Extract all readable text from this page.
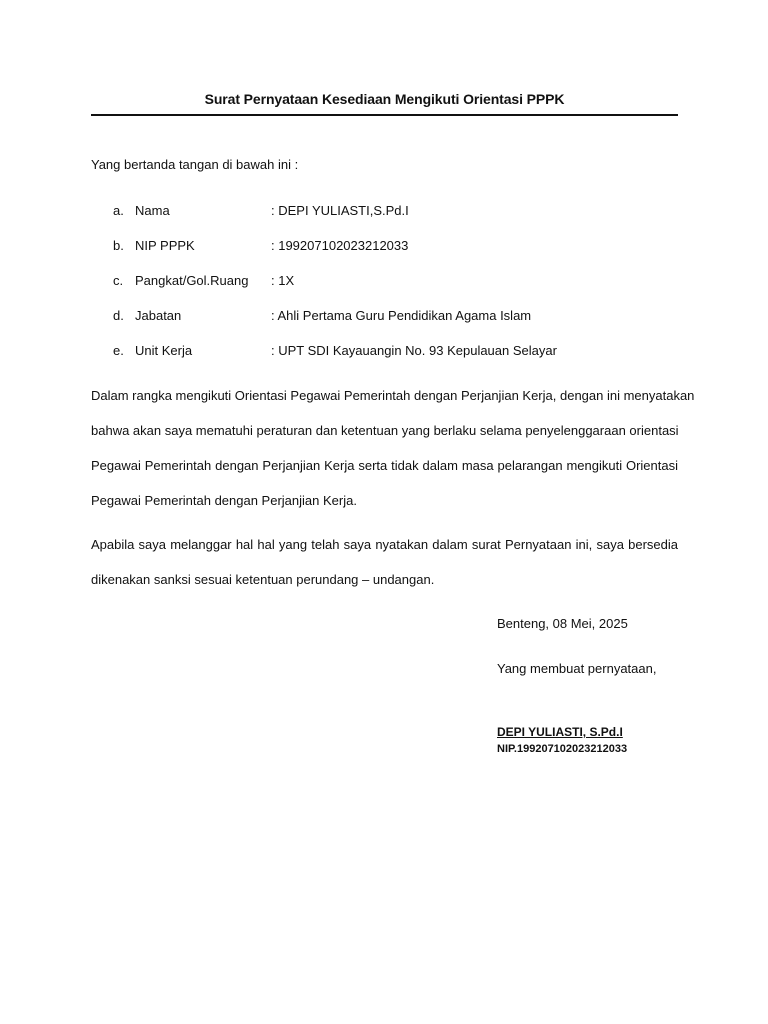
Surat Pernyataan Kesediaan Mengikuti Orientasi PPPK
Yang bertanda tangan di bawah ini :
a. Nama	: DEPI YULIASTI,S.Pd.I
b. NIP PPPK	: 199207102023212033
c. Pangkat/Gol.Ruang : 1X
d. Jabatan	: Ahli Pertama Guru Pendidikan Agama Islam
e. Unit Kerja	: UPT SDI Kayauangin No. 93 Kepulauan Selayar
Dalam rangka mengikuti Orientasi Pegawai Pemerintah dengan Perjanjian Kerja, dengan ini menyatakan
bahwa akan saya mematuhi peraturan dan ketentuan yang berlaku selama penyelenggaraan orientasi
Pegawai Pemerintah dengan Perjanjian Kerja serta tidak dalam masa pelarangan mengikuti Orientasi
Pegawai Pemerintah dengan Perjanjian Kerja.
Apabila saya melanggar hal hal yang telah saya nyatakan dalam surat Pernyataan ini, saya bersedia
dikenakan sanksi sesuai ketentuan perundang – undangan.
Benteng, 08 Mei, 2025
Yang membuat pernyataan,
DEPI YULIASTI, S.Pd.I
NIP.199207102023212033
